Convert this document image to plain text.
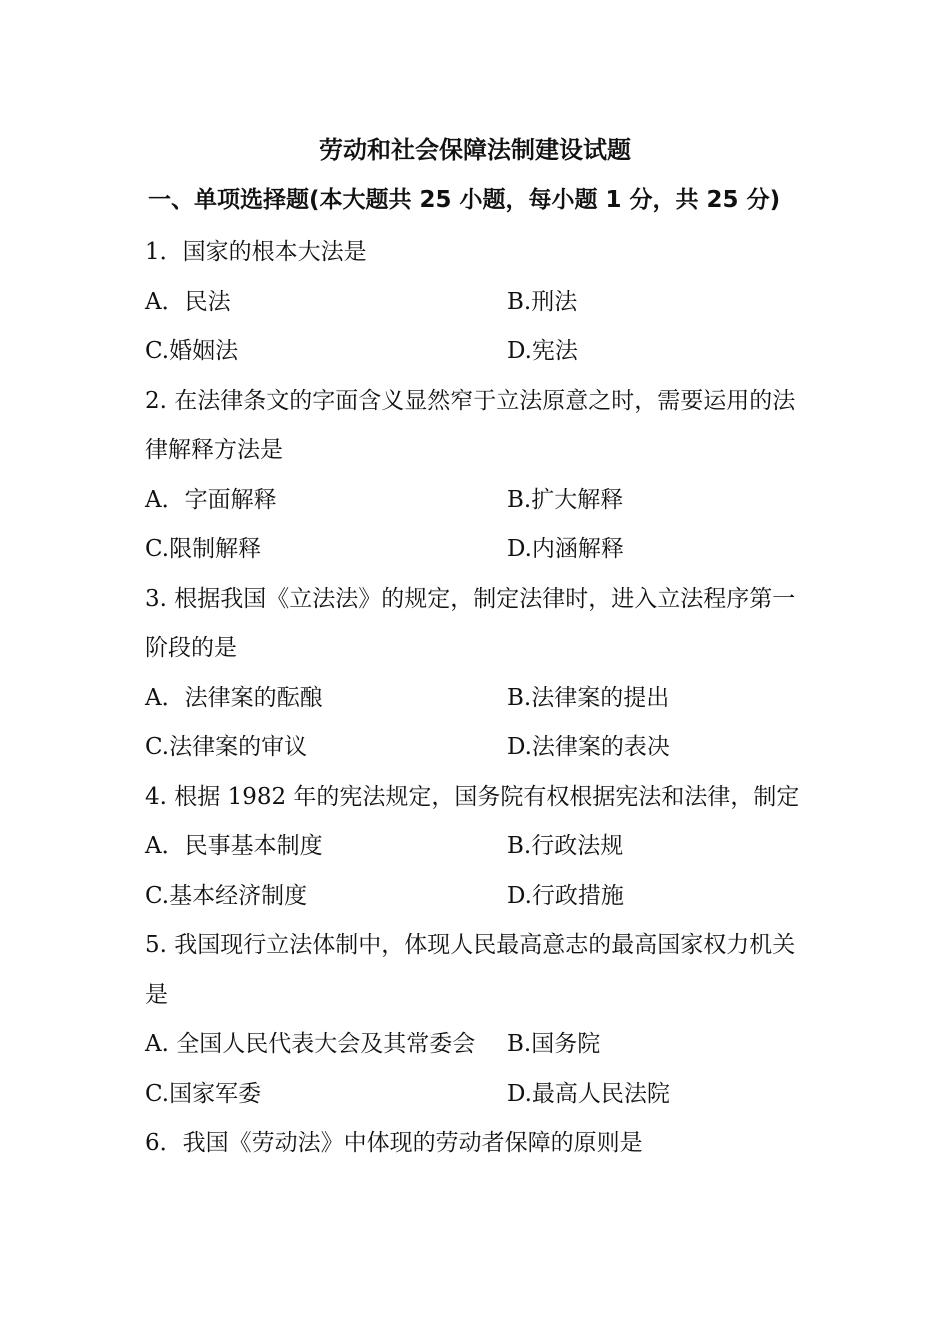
劳动和社会保障法制建设试题
一、单项选择题(本大题共 25 小题，每小题 1 分，共 25 分)

1．国家的根本大法是

A．民法	B.刑法
C.婚姻法	D.宪法

2. 在法律条文的字面含义显然窄于立法原意之时，需要运用的法律解释方法是

A．字面解释	B.扩大解释
C.限制解释	D.内涵解释

3. 根据我国《立法法》的规定，制定法律时，进入立法程序第一阶段的是

A．法律案的酝酿	B.法律案的提出
C.法律案的审议	D.法律案的表决

4. 根据 1982 年的宪法规定，国务院有权根据宪法和法律，制定

A．民事基本制度	B.行政法规
C.基本经济制度	D.行政措施

5. 我国现行立法体制中，体现人民最高意志的最高国家权力机关是

A. 全国人民代表大会及其常委会	B.国务院
C.国家军委	D.最高人民法院

6．我国《劳动法》中体现的劳动者保障的原则是
